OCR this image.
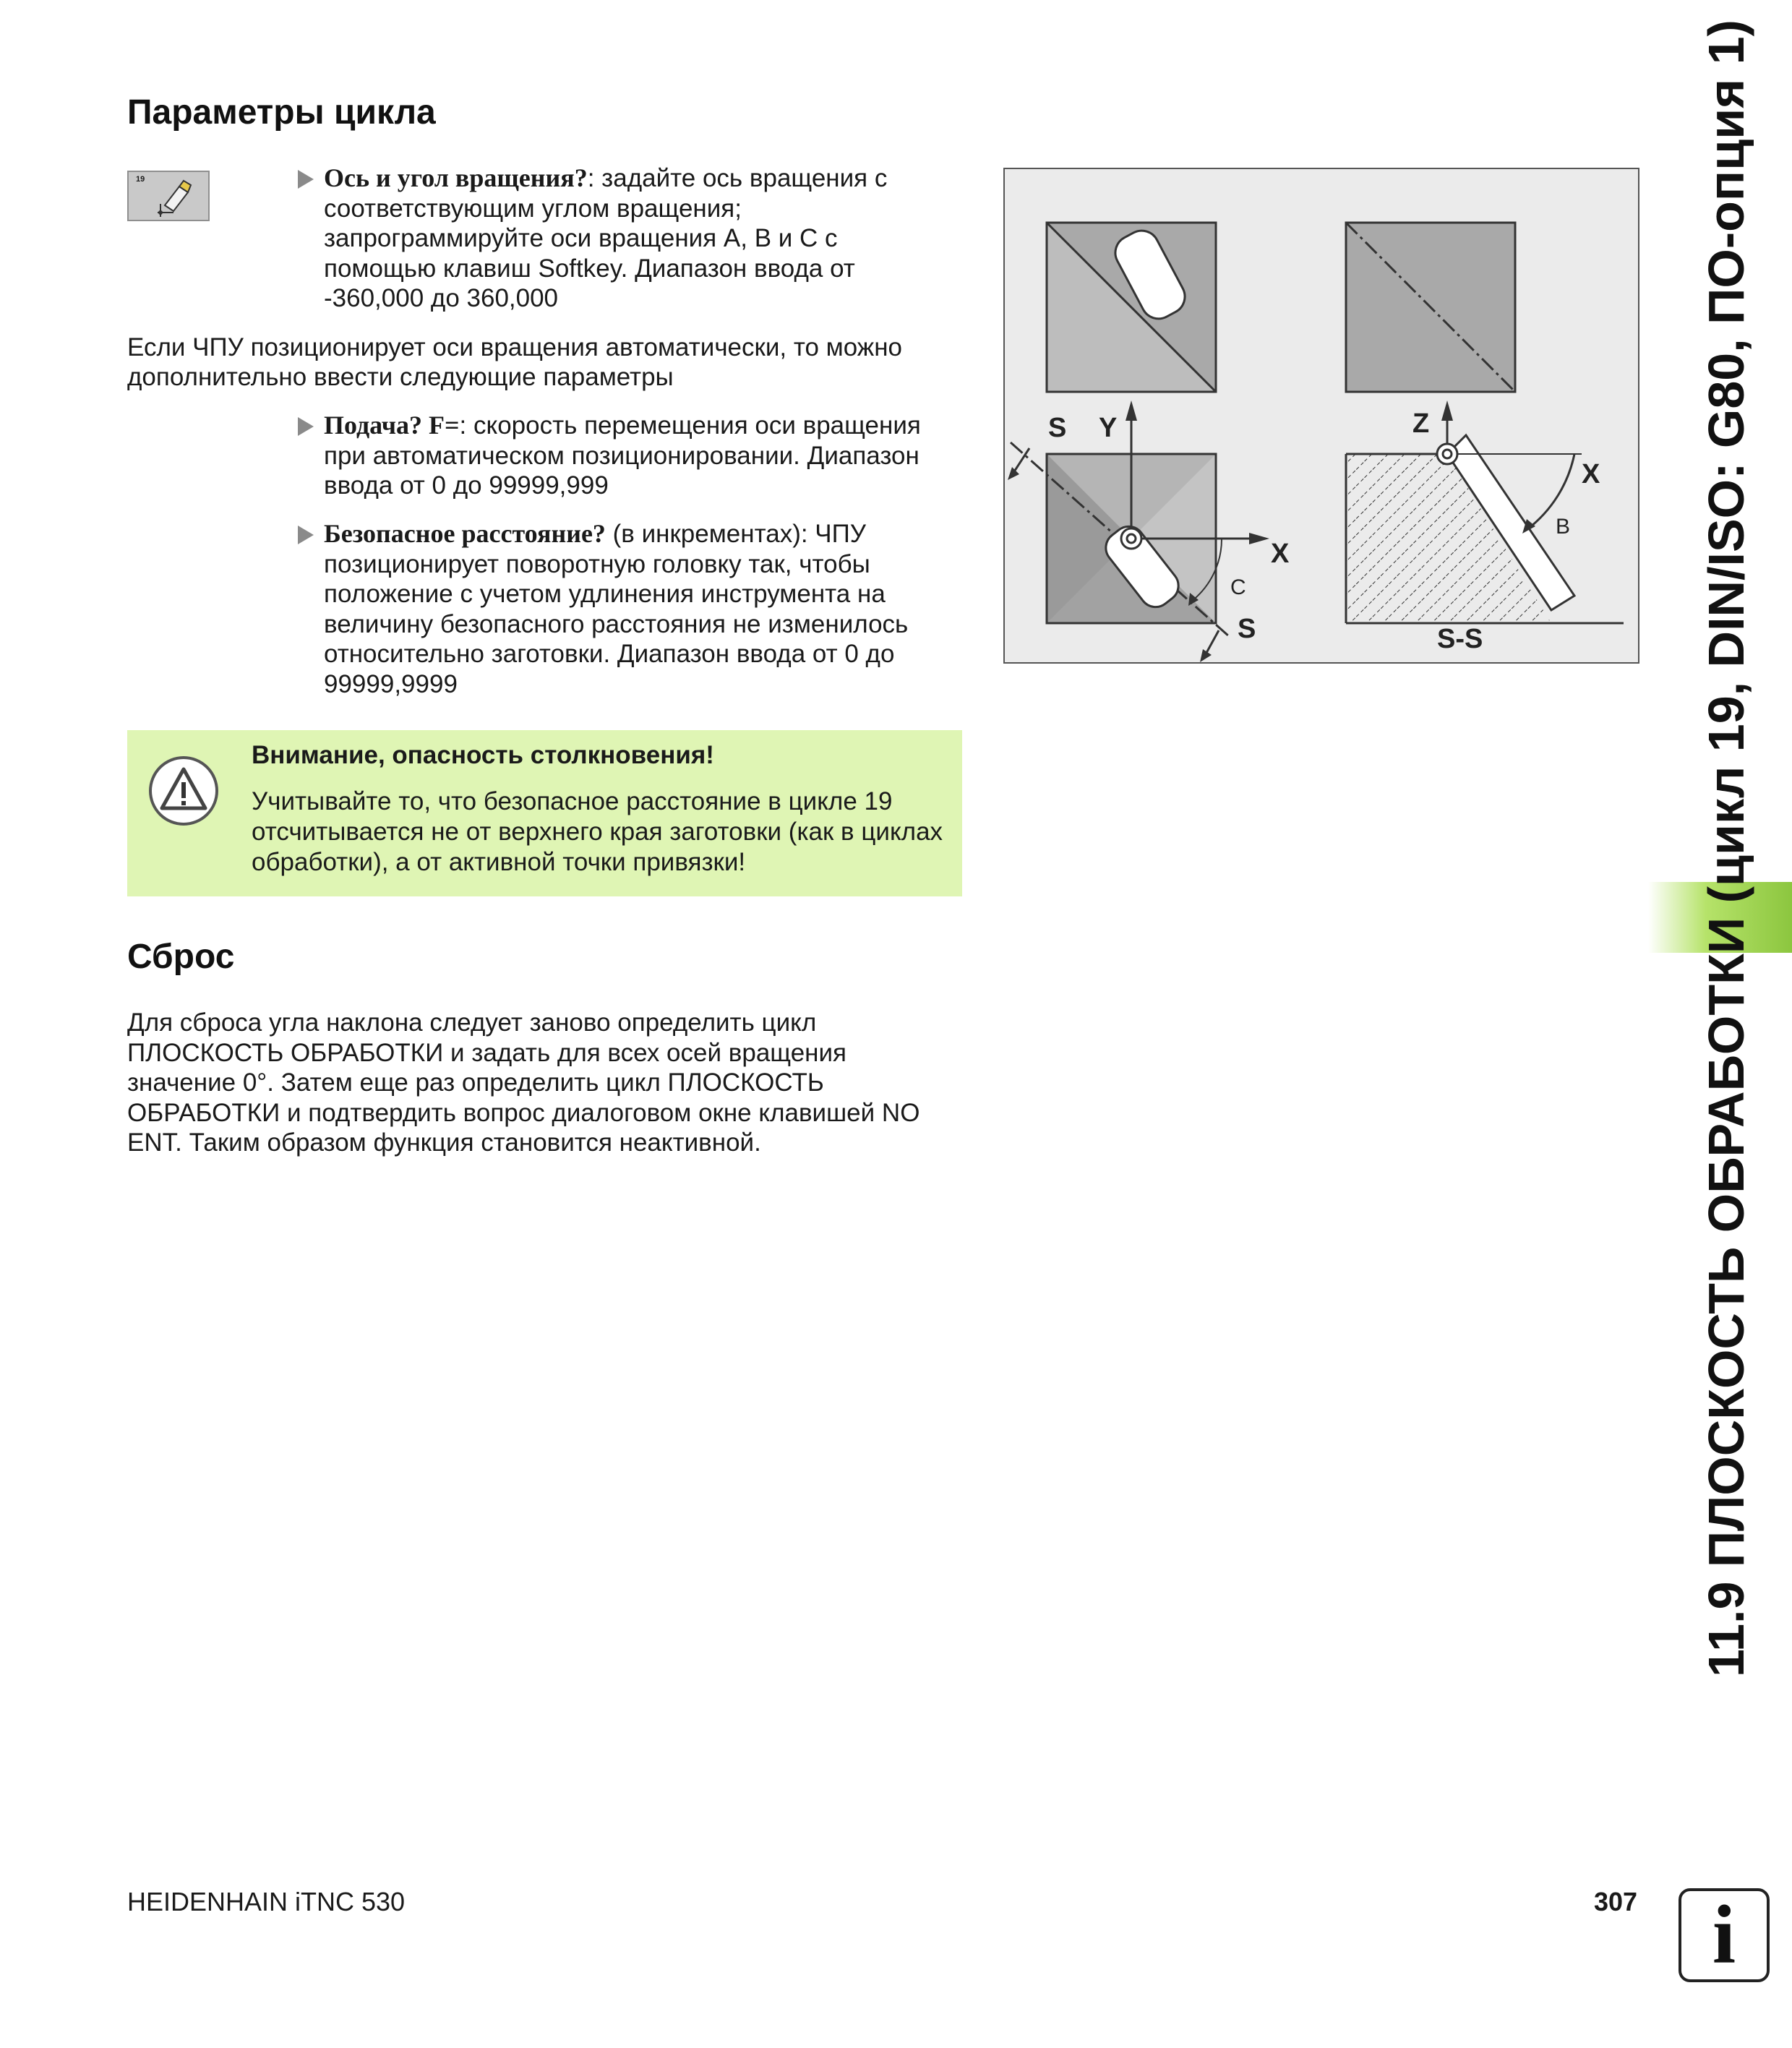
Параметры цикла
19	Ось и угол вращения?: задайте ось вращения с соответствующим углом вращения; запрограммируйте оси вращения A, B и C с помощью клавиш Softkey. Диапазон ввода от -360,000 до 360,000

Если ЧПУ позиционирует оси вращения автоматически, то можно дополнительно ввести следующие параметры

Подача? F=: скорость перемещения оси вращения при автоматическом позиционировании. Диапазон ввода от 0 до 99999,999
Безопасное расстояние? (в инкрементах): ЧПУ позиционирует поворотную головку так, чтобы положение с учетом удлинения инструмента на величину безопасного расстояния не изменилось относительно заготовки. Диапазон ввода от 0 до 99999,9999
Внимание, опасность столкновения!
Учитывайте то, что безопасное расстояние в цикле 19 отсчитывается не от верхнего края заготовки (как в циклах обработки), а от активной точки привязки!
Сброс

Для сброса угла наклона следует заново определить цикл ПЛОСКОСТЬ ОБРАБОТКИ и задать для всех осей вращения значение 0°. Затем еще раз определить цикл ПЛОСКОСТЬ ОБРАБОТКИ и подтвердить вопрос диалоговом окне клавишей NO ENT. Таким образом функция становится неактивной.

S Y
X
C
S
Z
X
B
S-S	11.9 ПЛОСКОСТЬ ОБРАБОТКИ (цикл 19, DIN/ISO: G80, ПО-опция 1)
HEIDENHAIN iTNC 530	307 i
